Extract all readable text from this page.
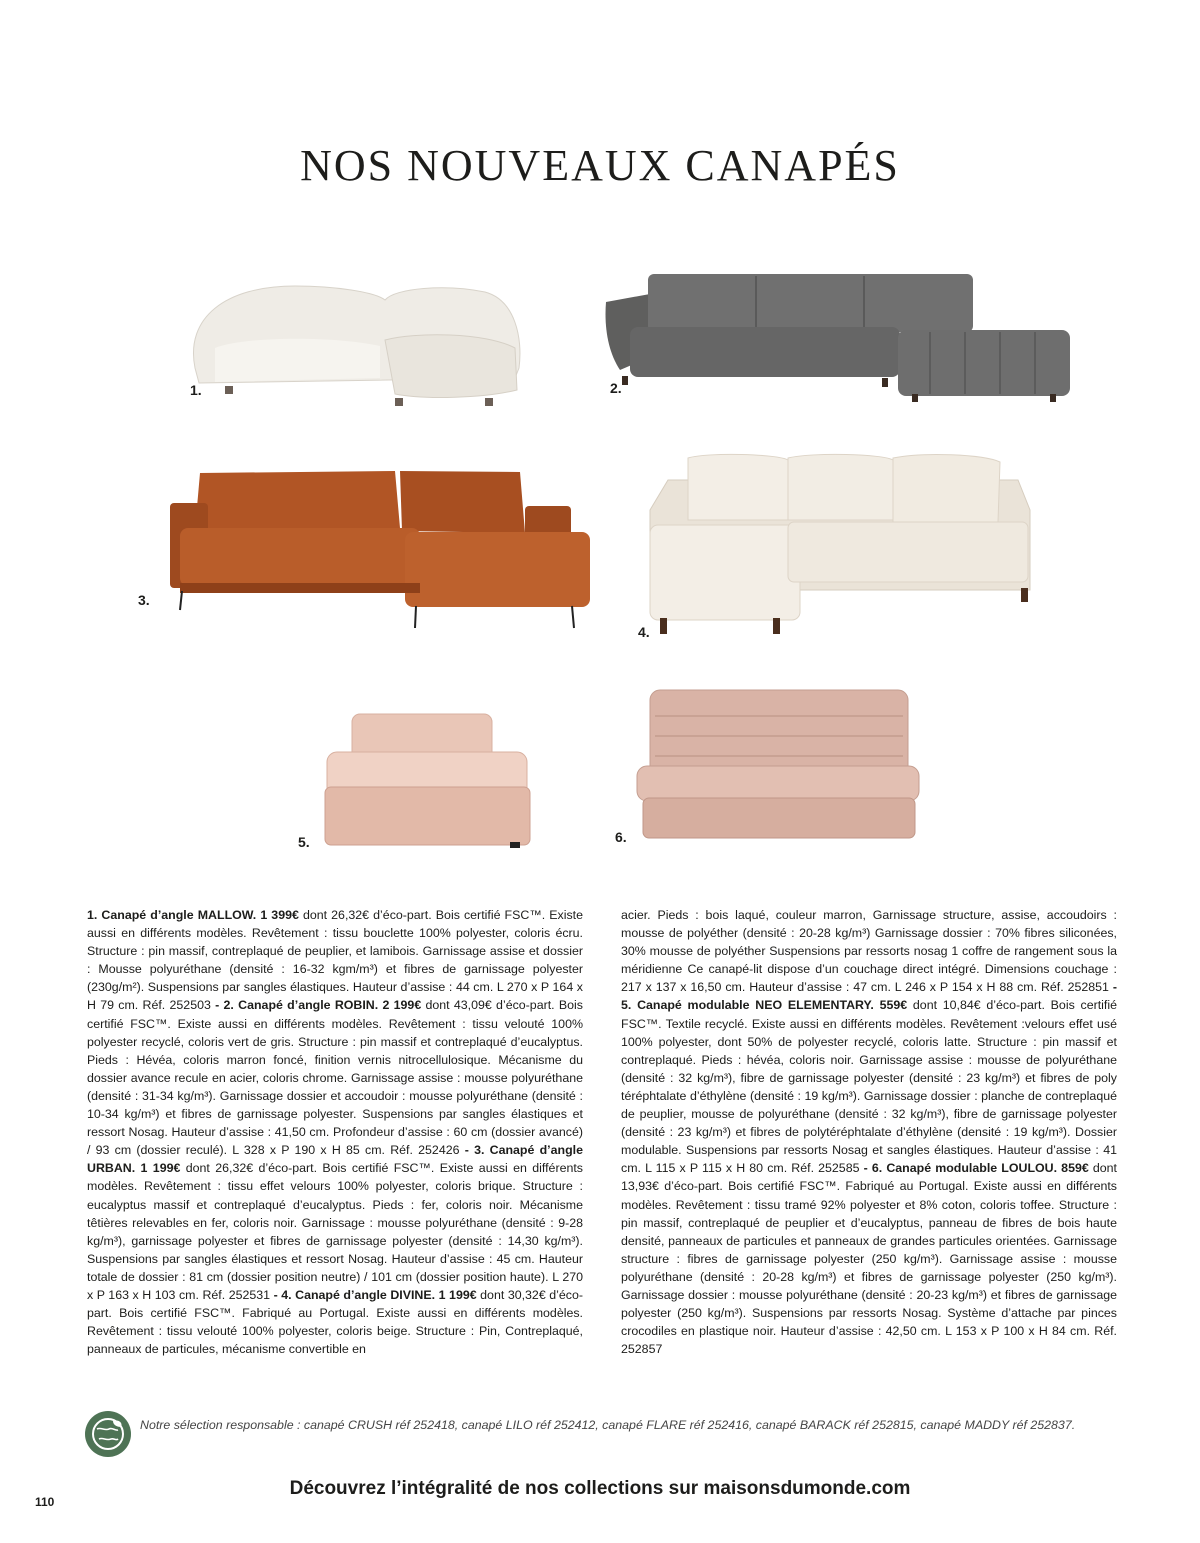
NOS NOUVEAUX CANAPÉS
1.	2.
3.
4.
5.	6.
1. Canapé d’angle MALLOW. 1 399€ dont 26,32€ d’éco-part. Bois certifié FSC™. Existe aussi en différents modèles. Revêtement : tissu bouclette 100% polyester, coloris écru. Structure : pin massif, contreplaqué de peuplier, et lamibois. Garnissage assise et dossier : Mousse polyuréthane (densité : 16-32 kgm/m³) et fibres de garnissage polyester (230g/m²). Suspensions par sangles élastiques. Hauteur d’assise : 44 cm. L 270 x P 164 x H 79 cm. Réf. 252503 - 2. Canapé d’angle ROBIN. 2 199€ dont 43,09€ d’éco-part. Bois certifié FSC™. Existe aussi en différents modèles. Revêtement : tissu velouté 100% polyester recyclé, coloris vert de gris. Structure : pin massif et contreplaqué d’eucalyptus. Pieds : Hévéa, coloris marron foncé, finition vernis nitrocellulosique. Mécanisme du dossier avance recule en acier, coloris chrome. Garnissage assise : mousse polyuréthane (densité : 31-34 kg/m³). Garnissage dossier et accoudoir : mousse polyuréthane (densité : 10-34 kg/m³) et fibres de garnissage polyester. Suspensions par sangles élastiques et ressort Nosag. Hauteur d’assise : 41,50 cm. Profondeur d’assise : 60 cm (dossier avancé) / 93 cm (dossier reculé). L 328 x P 190 x H 85 cm. Réf. 252426 - 3. Canapé d’angle URBAN. 1 199€ dont 26,32€ d’éco-part. Bois certifié FSC™. Existe aussi en différents modèles. Revêtement : tissu effet velours 100% polyester, coloris brique. Structure : eucalyptus massif et contreplaqué d’eucalyptus. Pieds : fer, coloris noir. Mécanisme têtières relevables en fer, coloris noir. Garnissage : mousse polyuréthane (densité : 9-28 kg/m³), garnissage polyester et fibres de garnissage polyester (densité : 14,30 kg/m³). Suspensions par sangles élastiques et ressort Nosag. Hauteur d’assise : 45 cm. Hauteur totale de dossier : 81 cm (dossier position neutre) / 101 cm (dossier position haute). L 270 x P 163 x H 103 cm. Réf. 252531 - 4. Canapé d’angle DIVINE. 1 199€ dont 30,32€ d’éco-part. Bois certifié FSC™. Fabriqué au Portugal. Existe aussi en différents modèles. Revêtement : tissu velouté 100% polyester, coloris beige. Structure : Pin, Contreplaqué, panneaux de particules, mécanisme convertible en
acier. Pieds : bois laqué, couleur marron, Garnissage structure, assise, accoudoirs : mousse de polyéther (densité : 20-28 kg/m³) Garnissage dossier : 70% fibres siliconées, 30% mousse de polyéther Suspensions par ressorts nosag 1 coffre de rangement sous la méridienne Ce canapé-lit dispose d’un couchage direct intégré. Dimensions couchage : 217 x 137 x 16,50 cm. Hauteur d’assise : 47 cm. L 246 x P 154 x H 88 cm. Réf. 252851 - 5. Canapé modulable NEO ELEMENTARY. 559€ dont 10,84€ d’éco-part. Bois certifié FSC™. Textile recyclé. Existe aussi en différents modèles. Revêtement :velours effet usé 100% polyester, dont 50% de polyester recyclé, coloris latte. Structure : pin massif et contreplaqué. Pieds : hévéa, coloris noir. Garnissage assise : mousse de polyuréthane (densité : 32 kg/m³), fibre de garnissage polyester (densité : 23 kg/m³) et fibres de poly téréphtalate d’éthylène (densité : 19 kg/m³). Garnissage dossier : planche de contreplaqué de peuplier, mousse de polyuréthane (densité : 32 kg/m³), fibre de garnissage polyester (densité : 23 kg/m³) et fibres de polytéréphtalate d’éthylène (densité : 19 kg/m³). Dossier modulable. Suspensions par ressorts Nosag et sangles élastiques. Hauteur d’assise : 41 cm. L 115 x P 115 x H 80 cm. Réf. 252585 - 6. Canapé modulable LOULOU. 859€ dont 13,93€ d’éco-part. Bois certifié FSC™. Fabriqué au Portugal. Existe aussi en différents modèles. Revêtement : tissu tramé 92% polyester et 8% coton, coloris toffee. Structure : pin massif, contreplaqué de peuplier et d’eucalyptus, panneau de fibres de bois haute densité, panneaux de particules et panneaux de grandes particules orientées. Garnissage structure : fibres de garnissage polyester (250 kg/m³). Garnissage assise : mousse polyuréthane (densité : 20-28 kg/m³) et fibres de garnissage polyester (250 kg/m³). Garnissage dossier : mousse polyuréthane (densité : 20-23 kg/m³) et fibres de garnissage polyester (250 kg/m³). Suspensions par ressorts Nosag. Système d’attache par pinces crocodiles en plastique noir. Hauteur d’assise : 42,50 cm. L 153 x P 100 x H 84 cm. Réf. 252857
Notre sélection responsable : canapé CRUSH réf 252418, canapé LILO réf 252412, canapé FLARE réf 252416, canapé BARACK réf 252815, canapé MADDY réf 252837.
Découvrez l’intégralité de nos collections sur maisonsdumonde.com
110
